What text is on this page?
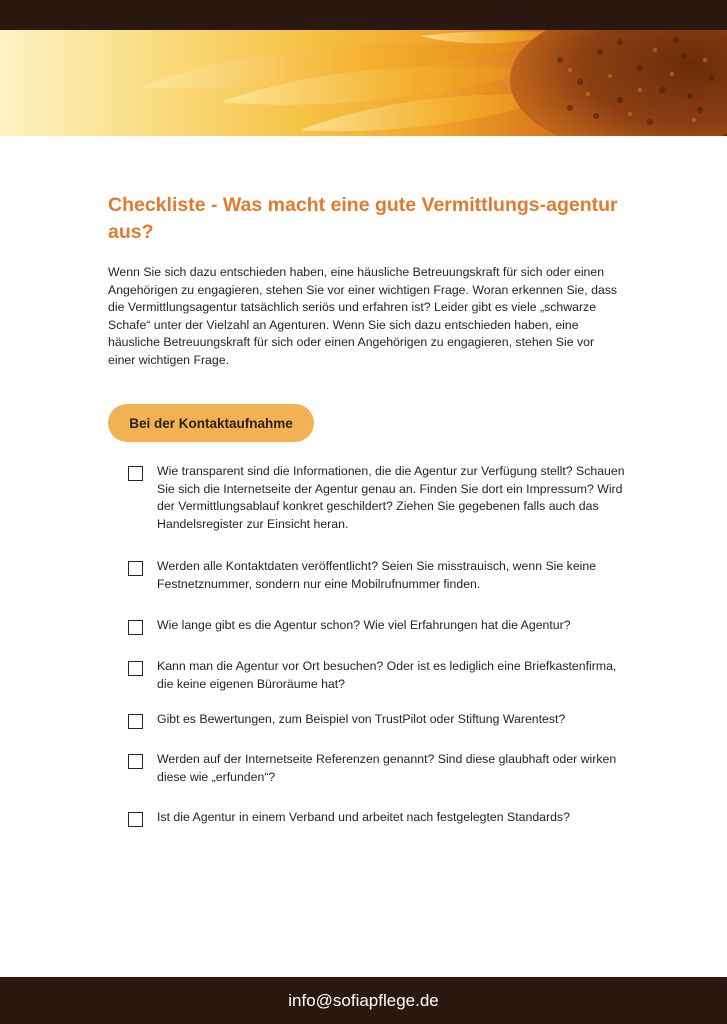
Checkliste - Was macht eine gute Vermittlungs-agentur aus?

Wenn Sie sich dazu entschieden haben, eine häusliche Betreuungskraft für sich oder einen Angehörigen zu engagieren, stehen Sie vor einer wichtigen Frage. Woran erkennen Sie, dass die Vermittlungsagentur tatsächlich seriös und erfahren ist? Leider gibt es viele „schwarze Schafe“ unter der Vielzahl an Agenturen. Wenn Sie sich dazu entschieden haben, eine häusliche Betreuungskraft für sich oder einen Angehörigen zu engagieren, stehen Sie vor einer wichtigen Frage.

Bei der Kontaktaufnahme
Wie transparent sind die Informationen, die die Agentur zur Verfügung stellt? Schauen Sie sich die Internetseite der Agentur genau an. Finden Sie dort ein Impressum? Wird der Vermittlungsablauf konkret geschildert? Ziehen Sie gegebenen falls auch das Handelsregister zur Einsicht heran.
Werden alle Kontaktdaten veröffentlicht? Seien Sie misstrauisch, wenn Sie keine Festnetznummer, sondern nur eine Mobilrufnummer finden.
Wie lange gibt es die Agentur schon? Wie viel Erfahrungen hat die Agentur?
Kann man die Agentur vor Ort besuchen? Oder ist es lediglich eine Briefkastenfirma, die keine eigenen Büroräume hat?
Gibt es Bewertungen, zum Beispiel von TrustPilot oder Stiftung Warentest?
Werden auf der Internetseite Referenzen genannt? Sind diese glaubhaft oder wirken diese wie „erfunden“?
Ist die Agentur in einem Verband und arbeitet nach festgelegten Standards?
info@sofiapflege.de
